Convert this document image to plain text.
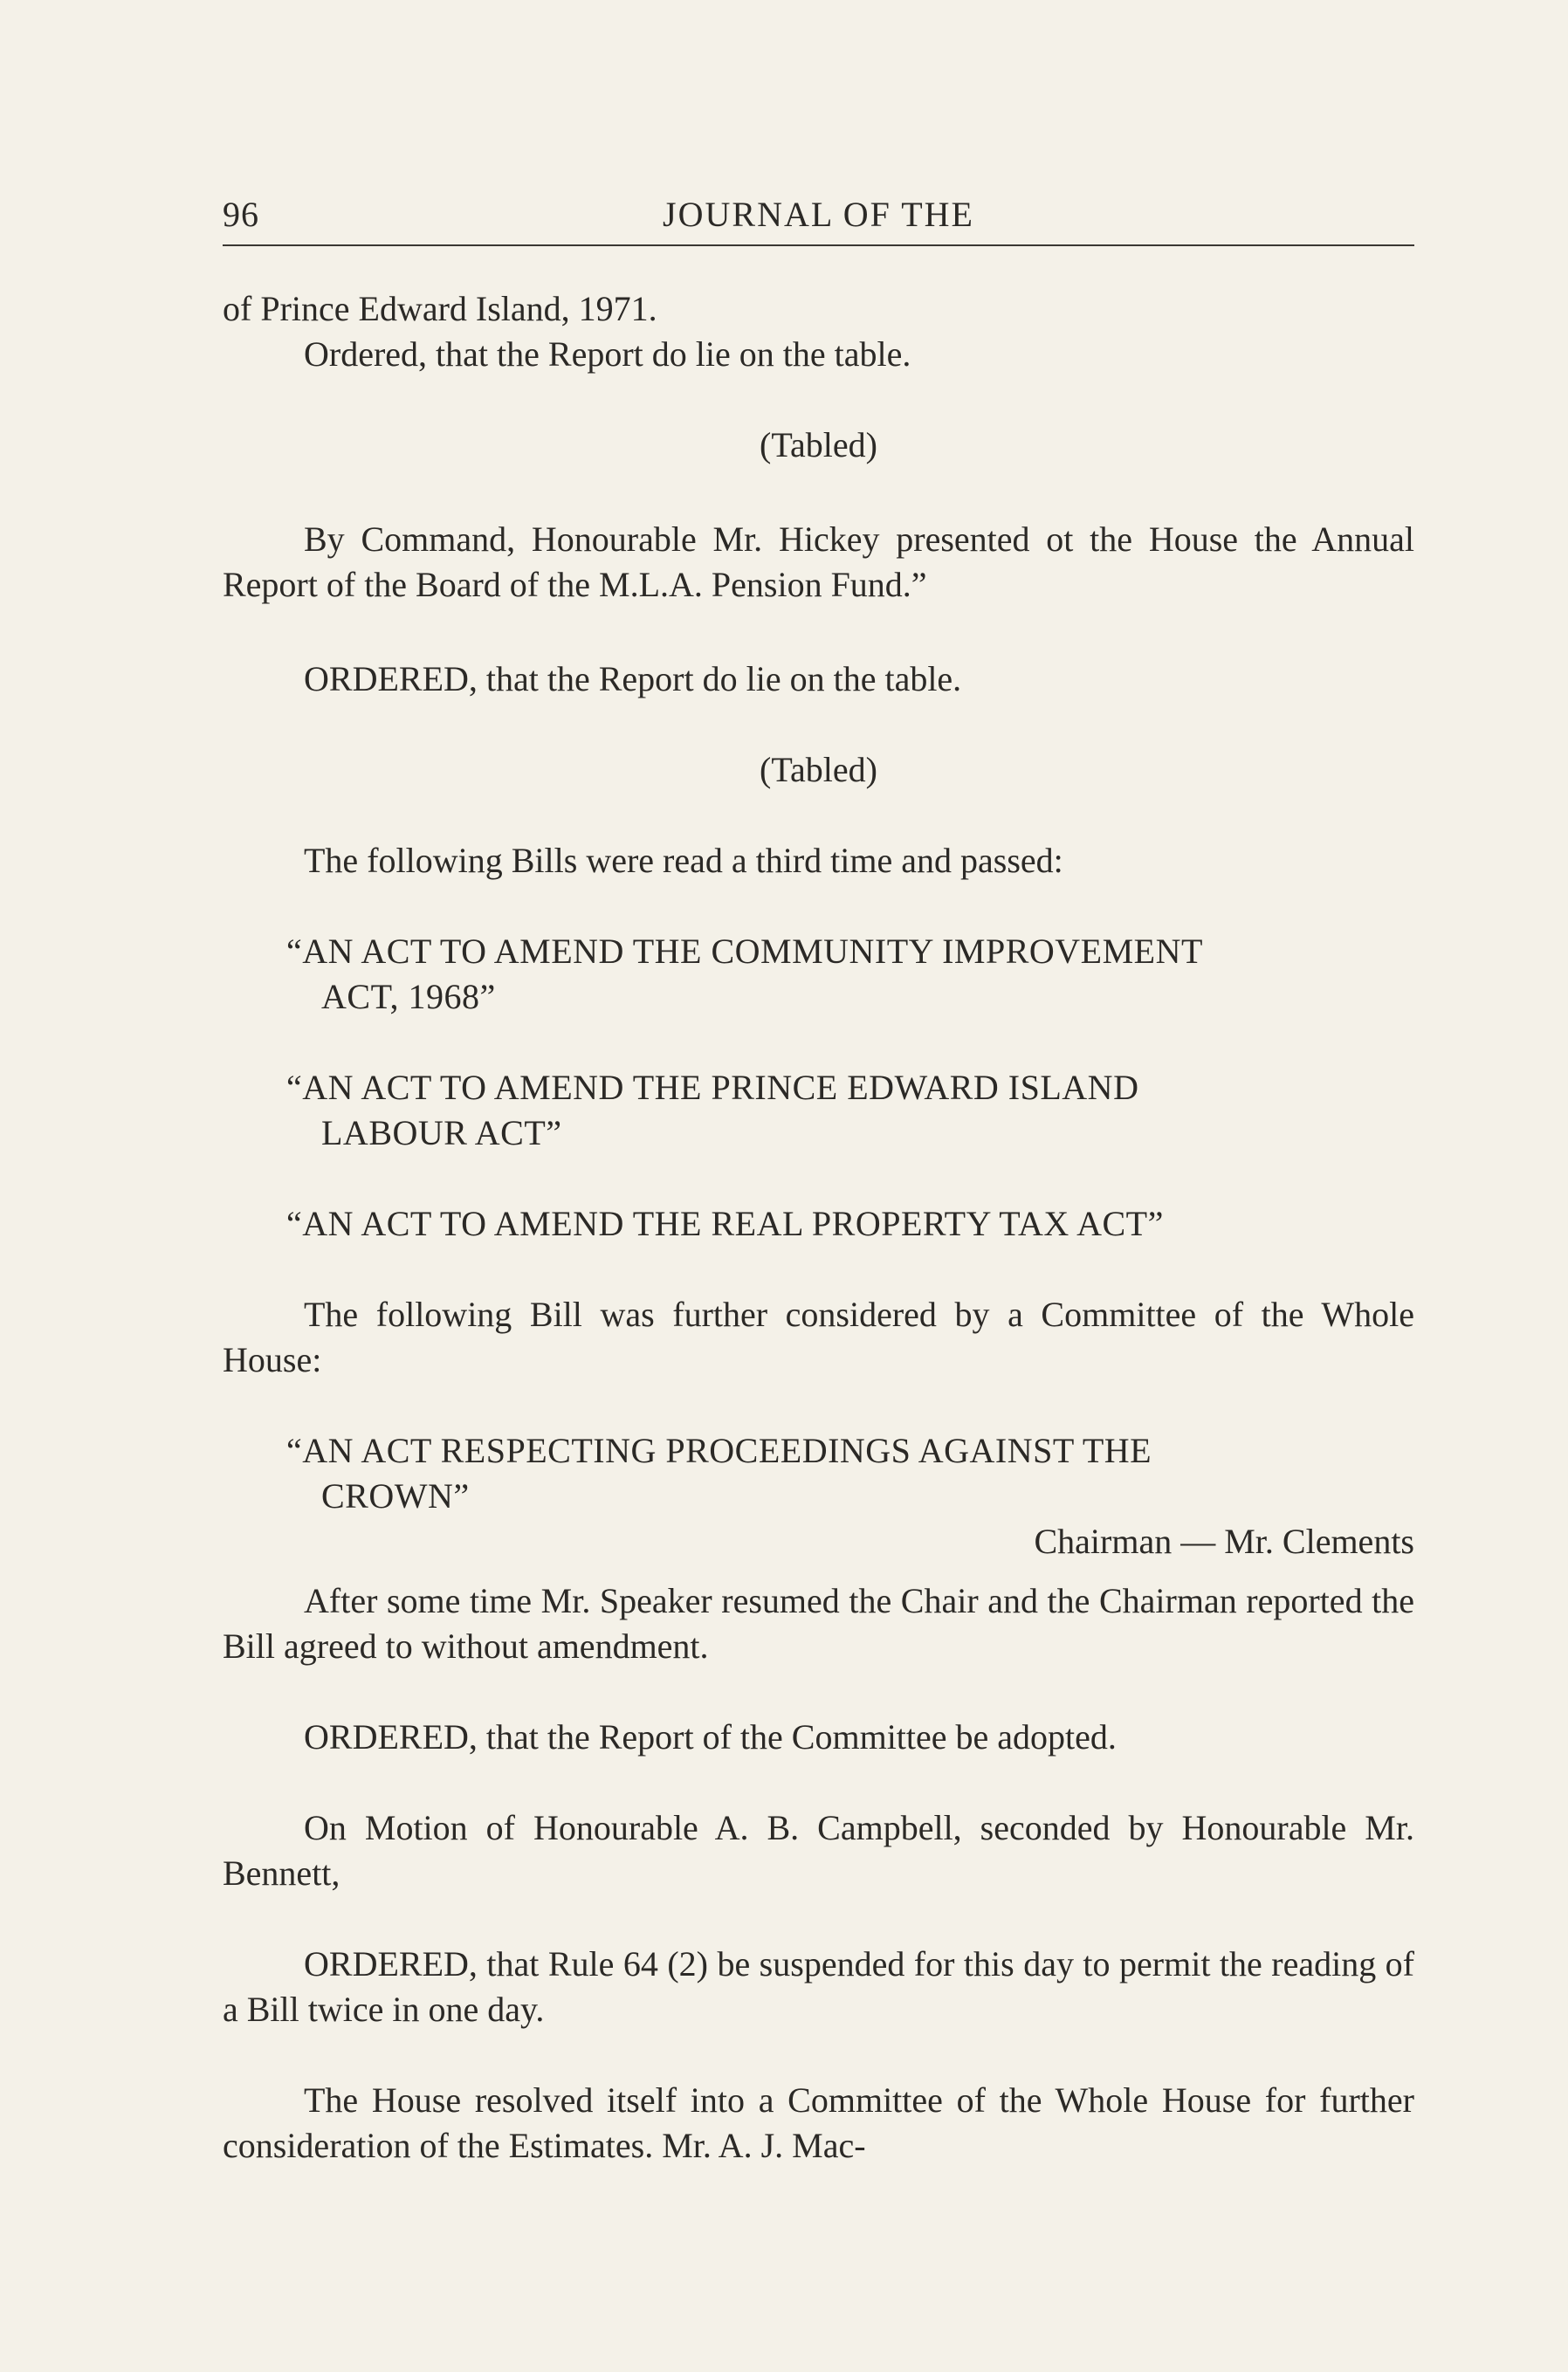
96	JOURNAL OF THE

of Prince Edward Island, 1971.

Ordered, that the Report do lie on the table.

(Tabled)

By Command, Honourable Mr. Hickey presented ot the House the Annual Report of the Board of the M.L.A. Pension Fund.”

ORDERED, that the Report do lie on the table.

(Tabled)

The following Bills were read a third time and passed:

“AN ACT TO AMEND THE COMMUNITY IMPROVEMENT
ACT, 1968”

“AN ACT TO AMEND THE PRINCE EDWARD ISLAND
LABOUR ACT”

“AN ACT TO AMEND THE REAL PROPERTY TAX ACT”

The following Bill was further considered by a Committee of the Whole House:

“AN ACT RESPECTING PROCEEDINGS AGAINST THE
CROWN”

Chairman — Mr. Clements

After some time Mr. Speaker resumed the Chair and the Chairman reported the Bill agreed to without amendment.

ORDERED, that the Report of the Committee be adopted.

On Motion of Honourable A. B. Campbell, seconded by Honourable Mr. Bennett,

ORDERED, that Rule 64 (2) be suspended for this day to permit the reading of a Bill twice in one day.

The House resolved itself into a Committee of the Whole House for further consideration of the Estimates. Mr. A. J. Mac-
